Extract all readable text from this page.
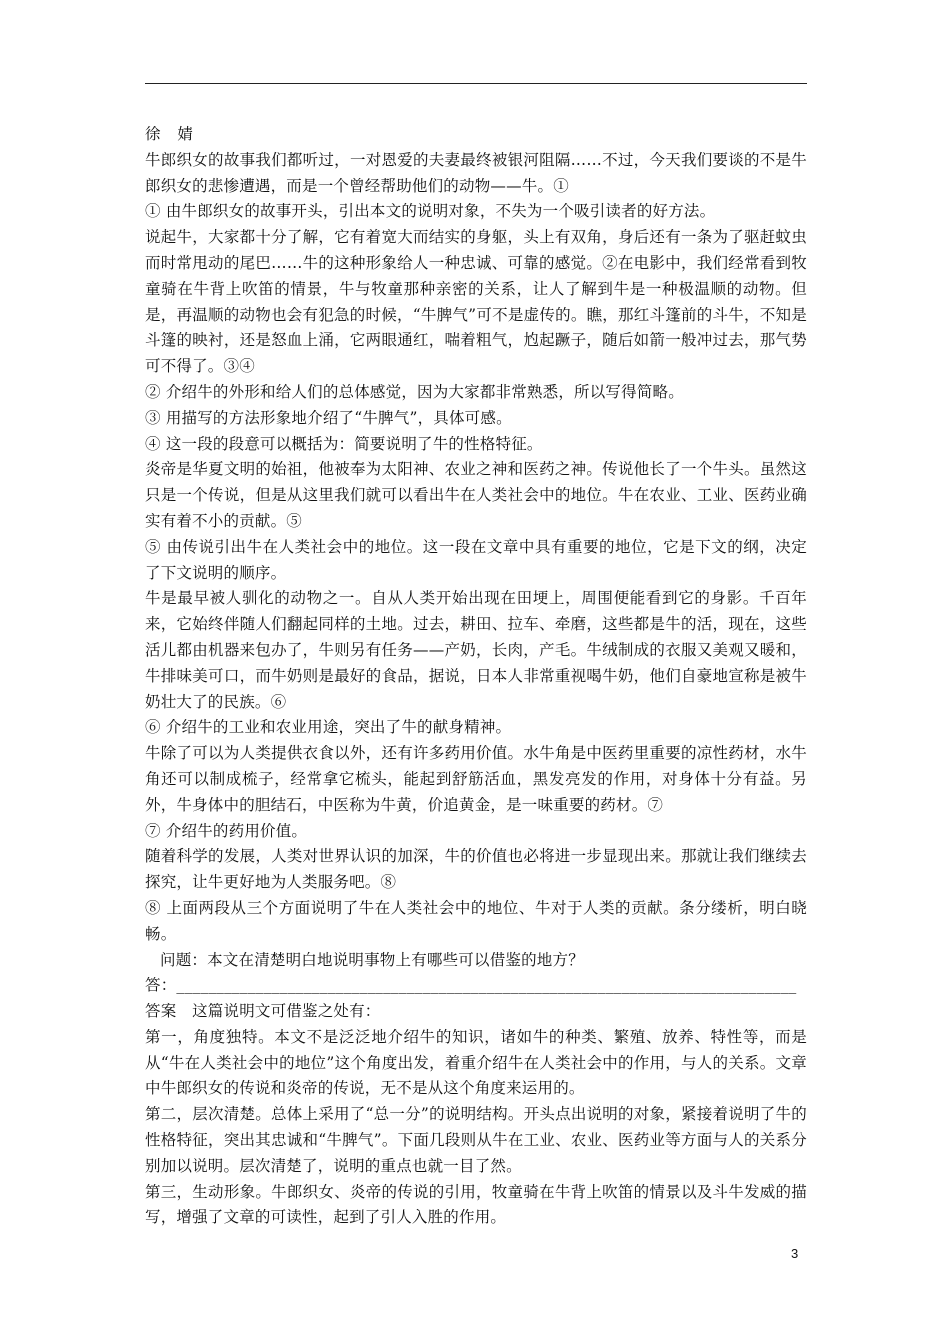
徐 婧

牛郎织女的故事我们都听过，一对恩爱的夫妻最终被银河阻隔……不过，今天我们要谈的不是牛郎织女的悲惨遭遇，而是一个曾经帮助他们的动物——牛。①

① 由牛郎织女的故事开头，引出本文的说明对象，不失为一个吸引读者的好方法。

说起牛，大家都十分了解，它有着宽大而结实的身躯，头上有双角，身后还有一条为了驱赶蚊虫而时常甩动的尾巴……牛的这种形象给人一种忠诚、可靠的感觉。②在电影中，我们经常看到牧童骑在牛背上吹笛的情景，牛与牧童那种亲密的关系，让人了解到牛是一种极温顺的动物。但是，再温顺的动物也会有犯急的时候，“牛脾气”可不是虚传的。瞧，那红斗篷前的斗牛，不知是斗篷的映衬，还是怒血上涌，它两眼通红，喘着粗气，尥起蹶子，随后如箭一般冲过去，那气势可不得了。③④

② 介绍牛的外形和给人们的总体感觉，因为大家都非常熟悉，所以写得简略。

③ 用描写的方法形象地介绍了“牛脾气”，具体可感。

④ 这一段的段意可以概括为：简要说明了牛的性格特征。

炎帝是华夏文明的始祖，他被奉为太阳神、农业之神和医药之神。传说他长了一个牛头。虽然这只是一个传说，但是从这里我们就可以看出牛在人类社会中的地位。牛在农业、工业、医药业确实有着不小的贡献。⑤

⑤ 由传说引出牛在人类社会中的地位。这一段在文章中具有重要的地位，它是下文的纲，决定了下文说明的顺序。

牛是最早被人驯化的动物之一。自从人类开始出现在田埂上，周围便能看到它的身影。千百年来，它始终伴随人们翻起同样的土地。过去，耕田、拉车、牵磨，这些都是牛的活，现在，这些活儿都由机器来包办了，牛则另有任务——产奶，长肉，产毛。牛绒制成的衣服又美观又暖和，牛排味美可口，而牛奶则是最好的食品，据说，日本人非常重视喝牛奶，他们自豪地宣称是被牛奶壮大了的民族。⑥

⑥ 介绍牛的工业和农业用途，突出了牛的献身精神。

牛除了可以为人类提供衣食以外，还有许多药用价值。水牛角是中医药里重要的凉性药材，水牛角还可以制成梳子，经常拿它梳头，能起到舒筋活血，黑发亮发的作用，对身体十分有益。另外，牛身体中的胆结石，中医称为牛黄，价追黄金，是一味重要的药材。⑦

⑦ 介绍牛的药用价值。

随着科学的发展，人类对世界认识的加深，牛的价值也必将进一步显现出来。那就让我们继续去探究，让牛更好地为人类服务吧。⑧

⑧ 上面两段从三个方面说明了牛在人类社会中的地位、牛对于人类的贡献。条分缕析，明白晓畅。

问题：本文在清楚明白地说明事物上有哪些可以借鉴的地方？

答：______________________________________________________________________________

答案　这篇说明文可借鉴之处有：

第一，角度独特。本文不是泛泛地介绍牛的知识，诸如牛的种类、繁殖、放养、特性等，而是从“牛在人类社会中的地位”这个角度出发，着重介绍牛在人类社会中的作用，与人的关系。文章中牛郎织女的传说和炎帝的传说，无不是从这个角度来运用的。

第二，层次清楚。总体上采用了“总一分”的说明结构。开头点出说明的对象，紧接着说明了牛的性格特征，突出其忠诚和“牛脾气”。下面几段则从牛在工业、农业、医药业等方面与人的关系分别加以说明。层次清楚了，说明的重点也就一目了然。

第三，生动形象。牛郎织女、炎帝的传说的引用，牧童骑在牛背上吹笛的情景以及斗牛发威的描写，增强了文章的可读性，起到了引人入胜的作用。

3
